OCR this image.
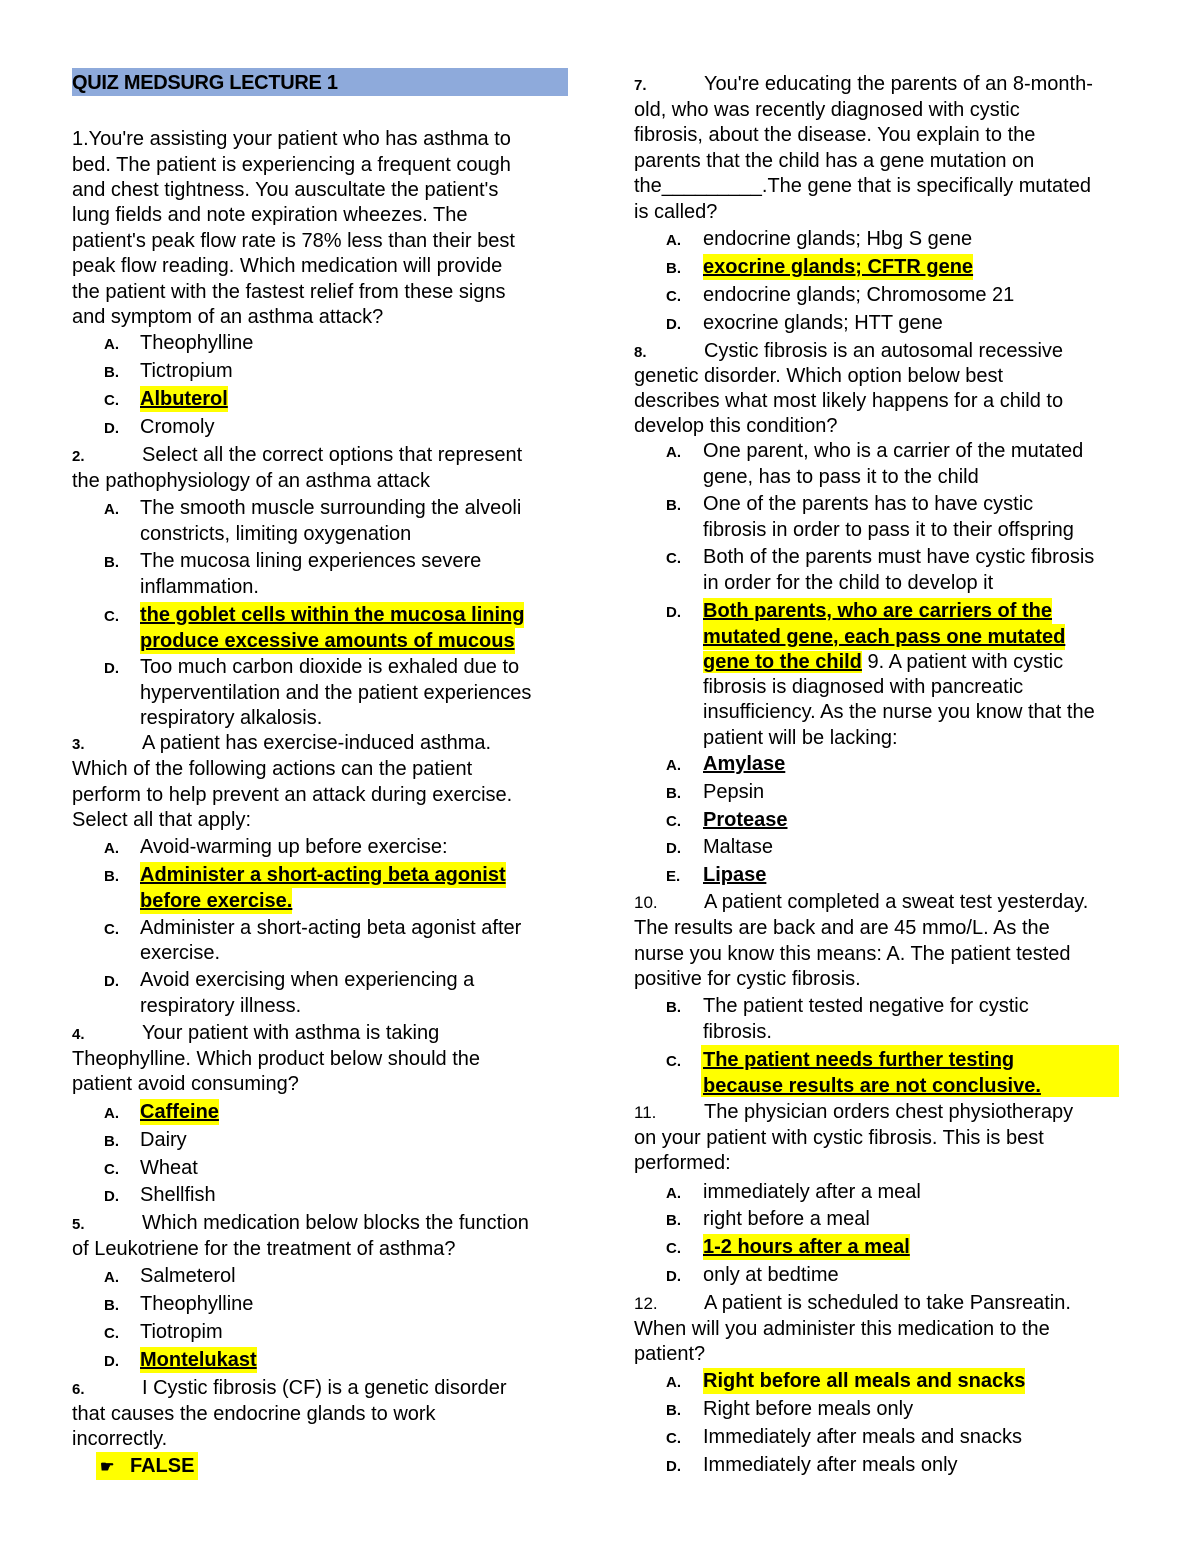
QUIZ MEDSURG LECTURE 1
1.You're assisting your patient who has asthma to
bed. The patient is experiencing a frequent cough
and chest tightness. You auscultate the patient's
lung fields and note expiration wheezes. The
patient's peak flow rate is 78% less than their best
peak flow reading. Which medication will provide
the patient with the fastest relief from these signs
and symptom of an asthma attack?
A. Theophylline
B. Tictropium
C. Albuterol
D. Cromoly
2.	Select all the correct options that represent
the pathophysiology of an asthma attack
A. The smooth muscle surrounding the alveoli
constricts, limiting oxygenation
B. The mucosa lining experiences severe
inflammation.
C. the goblet cells within the mucosa lining
produce excessive amounts of mucous
D. Too much carbon dioxide is exhaled due to
hyperventilation and the patient experiences
respiratory alkalosis.
3.	A patient has exercise-induced asthma.
Which of the following actions can the patient
perform to help prevent an attack during exercise.
Select all that apply:
A. Avoid-warming up before exercise:
B. Administer a short-acting beta agonist
before exercise.
C. Administer a short-acting beta agonist after
exercise.
D. Avoid exercising when experiencing a
respiratory illness.
4.	Your patient with asthma is taking
Theophylline. Which product below should the
patient avoid consuming?
A. Caffeine
B. Dairy
C. Wheat
D. Shellfish
5.	Which medication below blocks the function
of Leukotriene for the treatment of asthma?
A. Salmeterol
B. Theophylline
C. Tiotropim
D. Montelukast
6.	I Cystic fibrosis (CF) is a genetic disorder
that causes the endocrine glands to work
incorrectly.
☛ FALSE
7.	You're educating the parents of an 8-month-
old, who was recently diagnosed with cystic
fibrosis, about the disease. You explain to the
parents that the child has a gene mutation on
the_________.The gene that is specifically mutated
is called?
A. endocrine glands; Hbg S gene
B. exocrine glands; CFTR gene
C. endocrine glands; Chromosome 21
D. exocrine glands; HTT gene
8.	Cystic fibrosis is an autosomal recessive
genetic disorder. Which option below best
describes what most likely happens for a child to
develop this condition?
A. One parent, who is a carrier of the mutated
gene, has to pass it to the child
B. One of the parents has to have cystic
fibrosis in order to pass it to their offspring
C. Both of the parents must have cystic fibrosis
in order for the child to develop it
D. Both parents, who are carriers of the
mutated gene, each pass one mutated
gene to the child 9. A patient with cystic
fibrosis is diagnosed with pancreatic
insufficiency. As the nurse you know that the
patient will be lacking:
A. Amylase
B. Pepsin
C. Protease
D. Maltase
E. Lipase
10. A patient completed a sweat test yesterday.
The results are back and are 45 mmo/L. As the
nurse you know this means: A. The patient tested
positive for cystic fibrosis.
B. The patient tested negative for cystic
fibrosis.
C. The patient needs further testing
because results are not conclusive.
11. The physician orders chest physiotherapy
on your patient with cystic fibrosis. This is best
performed:
A. immediately after a meal
B. right before a meal
C. 1-2 hours after a meal
D. only at bedtime
12. A patient is scheduled to take Pansreatin.
When will you administer this medication to the
patient?
A. Right before all meals and snacks
B. Right before meals only
C. Immediately after meals and snacks
D. Immediately after meals only
